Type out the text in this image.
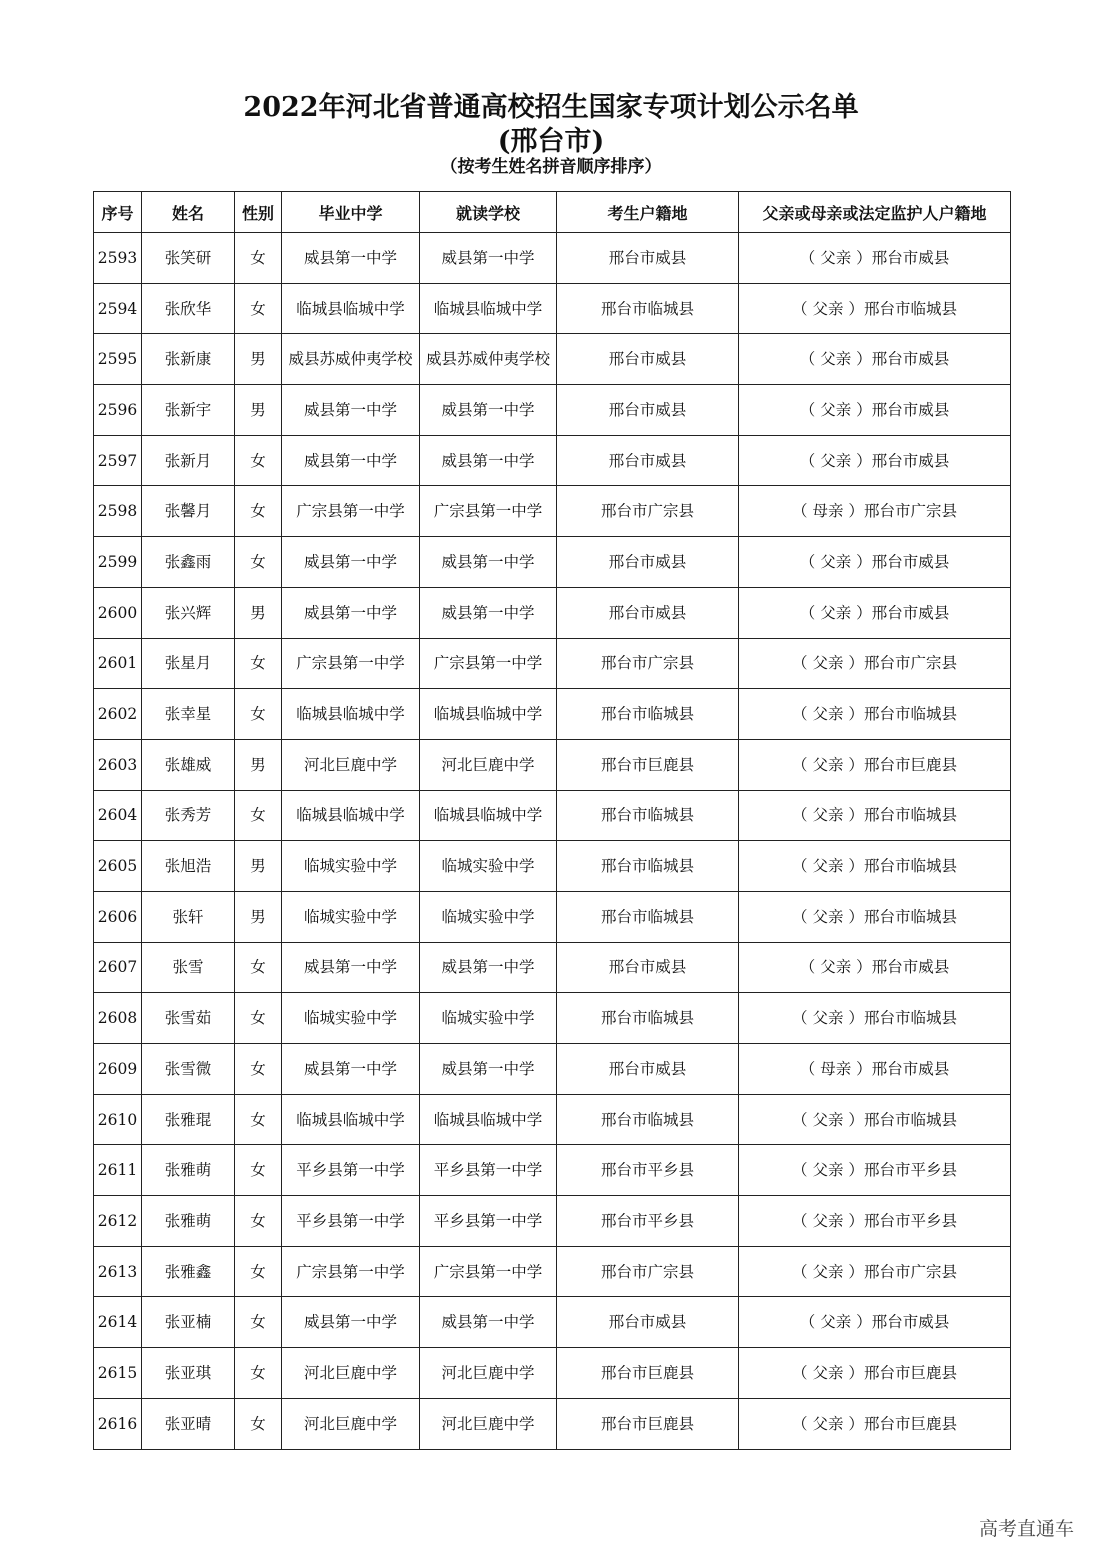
2022年河北省普通高校招生国家专项计划公示名单
(邢台市)
（按考生姓名拼音顺序排序）
序号	姓名	性别	毕业中学	就读学校	考生户籍地	父亲或母亲或法定监护人户籍地
2593	张笑研	女	威县第一中学	威县第一中学	邢台市威县	（ 父亲 ）邢台市威县
2594	张欣华	女	临城县临城中学	临城县临城中学	邢台市临城县	（ 父亲 ）邢台市临城县
2595	张新康	男	威县苏威仲夷学校	威县苏威仲夷学校	邢台市威县	（ 父亲 ）邢台市威县
2596	张新宇	男	威县第一中学	威县第一中学	邢台市威县	（ 父亲 ）邢台市威县
2597	张新月	女	威县第一中学	威县第一中学	邢台市威县	（ 父亲 ）邢台市威县
2598	张馨月	女	广宗县第一中学	广宗县第一中学	邢台市广宗县	（ 母亲 ）邢台市广宗县
2599	张鑫雨	女	威县第一中学	威县第一中学	邢台市威县	（ 父亲 ）邢台市威县
2600	张兴辉	男	威县第一中学	威县第一中学	邢台市威县	（ 父亲 ）邢台市威县
2601	张星月	女	广宗县第一中学	广宗县第一中学	邢台市广宗县	（ 父亲 ）邢台市广宗县
2602	张幸星	女	临城县临城中学	临城县临城中学	邢台市临城县	（ 父亲 ）邢台市临城县
2603	张雄威	男	河北巨鹿中学	河北巨鹿中学	邢台市巨鹿县	（ 父亲 ）邢台市巨鹿县
2604	张秀芳	女	临城县临城中学	临城县临城中学	邢台市临城县	（ 父亲 ）邢台市临城县
2605	张旭浩	男	临城实验中学	临城实验中学	邢台市临城县	（ 父亲 ）邢台市临城县
2606	张轩	男	临城实验中学	临城实验中学	邢台市临城县	（ 父亲 ）邢台市临城县
2607	张雪	女	威县第一中学	威县第一中学	邢台市威县	（ 父亲 ）邢台市威县
2608	张雪茹	女	临城实验中学	临城实验中学	邢台市临城县	（ 父亲 ）邢台市临城县
2609	张雪微	女	威县第一中学	威县第一中学	邢台市威县	（ 母亲 ）邢台市威县
2610	张雅琨	女	临城县临城中学	临城县临城中学	邢台市临城县	（ 父亲 ）邢台市临城县
2611	张雅萌	女	平乡县第一中学	平乡县第一中学	邢台市平乡县	（ 父亲 ）邢台市平乡县
2612	张雅萌	女	平乡县第一中学	平乡县第一中学	邢台市平乡县	（ 父亲 ）邢台市平乡县
2613	张雅鑫	女	广宗县第一中学	广宗县第一中学	邢台市广宗县	（ 父亲 ）邢台市广宗县
2614	张亚楠	女	威县第一中学	威县第一中学	邢台市威县	（ 父亲 ）邢台市威县
2615	张亚琪	女	河北巨鹿中学	河北巨鹿中学	邢台市巨鹿县	（ 父亲 ）邢台市巨鹿县
2616	张亚晴	女	河北巨鹿中学	河北巨鹿中学	邢台市巨鹿县	（ 父亲 ）邢台市巨鹿县
高考直通车
